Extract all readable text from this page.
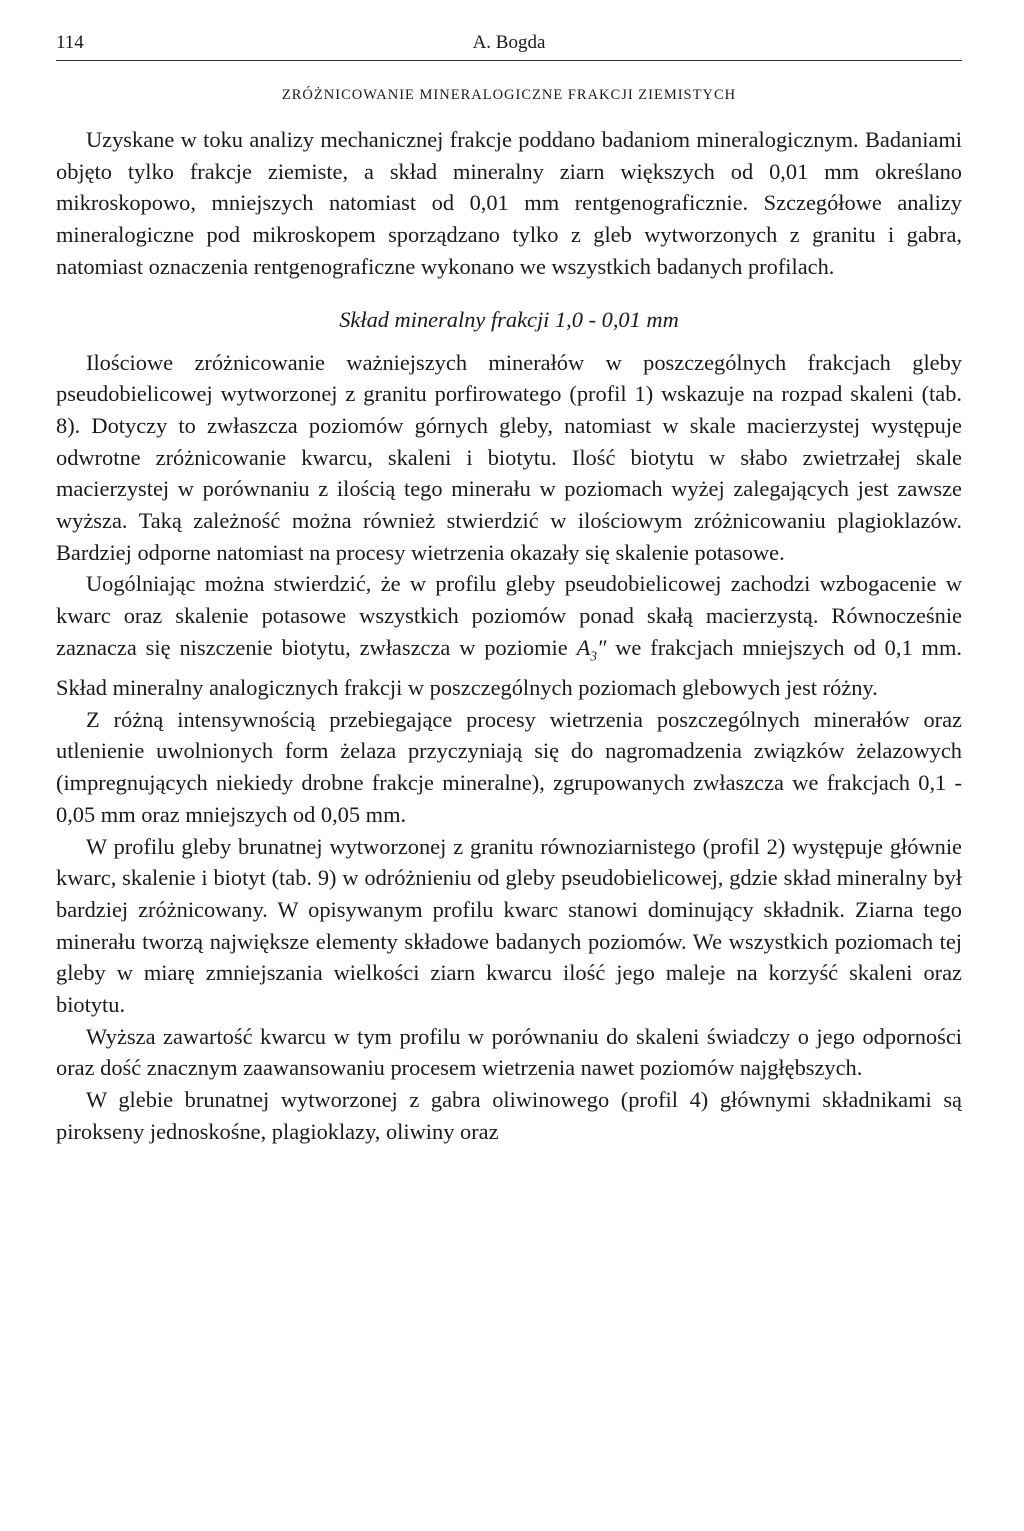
114	A. Bogda
ZRÓŻNICOWANIE MINERALOGICZNE FRAKCJI ZIEMISTYCH

Uzyskane w toku analizy mechanicznej frakcje poddano badaniom mineralogicznym. Badaniami objęto tylko frakcje ziemiste, a skład mineralny ziarn większych od 0,01 mm określano mikroskopowo, mniejszych natomiast od 0,01 mm rentgenograficznie. Szczegółowe analizy mineralogiczne pod mikroskopem sporządzano tylko z gleb wytworzonych z granitu i gabra, natomiast oznaczenia rentgenograficzne wykonano we wszystkich badanych profilach.

Skład mineralny frakcji 1,0 - 0,01 mm

Ilościowe zróżnicowanie ważniejszych minerałów w poszczególnych frakcjach gleby pseudobielicowej wytworzonej z granitu porfirowatego (profil 1) wskazuje na rozpad skaleni (tab. 8). Dotyczy to zwłaszcza poziomów górnych gleby, natomiast w skale macierzystej występuje odwrotne zróżnicowanie kwarcu, skaleni i biotytu. Ilość biotytu w słabo zwietrzałej skale macierzystej w porównaniu z ilością tego minerału w poziomach wyżej zalegających jest zawsze wyższa. Taką zależność można również stwierdzić w ilościowym zróżnicowaniu plagioklazów. Bardziej odporne natomiast na procesy wietrzenia okazały się skalenie potasowe.

Uogólniając można stwierdzić, że w profilu gleby pseudobielicowej zachodzi wzbogacenie w kwarc oraz skalenie potasowe wszystkich poziomów ponad skałą macierzystą. Równocześnie zaznacza się niszczenie biotytu, zwłaszcza w poziomie $A_3''$ we frakcjach mniejszych od 0,1 mm. Skład mineralny analogicznych frakcji w poszczególnych poziomach glebowych jest różny.

Z różną intensywnością przebiegające procesy wietrzenia poszczególnych minerałów oraz utlenienie uwolnionych form żelaza przyczyniają się do nagromadzenia związków żelazowych (impregnujących niekiedy drobne frakcje mineralne), zgrupowanych zwłaszcza we frakcjach 0,1 - 0,05 mm oraz mniejszych od 0,05 mm.

W profilu gleby brunatnej wytworzonej z granitu równoziarnistego (profil 2) występuje głównie kwarc, skalenie i biotyt (tab. 9) w odróżnieniu od gleby pseudobielicowej, gdzie skład mineralny był bardziej zróżnicowany. W opisywanym profilu kwarc stanowi dominujący składnik. Ziarna tego minerału tworzą największe elementy składowe badanych poziomów. We wszystkich poziomach tej gleby w miarę zmniejszania wielkości ziarn kwarcu ilość jego maleje na korzyść skaleni oraz biotytu.

Wyższa zawartość kwarcu w tym profilu w porównaniu do skaleni świadczy o jego odporności oraz dość znacznym zaawansowaniu procesem wietrzenia nawet poziomów najgłębszych.

W glebie brunatnej wytworzonej z gabra oliwinowego (profil 4) głównymi składnikami są pirokseny jednoskośne, plagioklazy, oliwiny oraz
